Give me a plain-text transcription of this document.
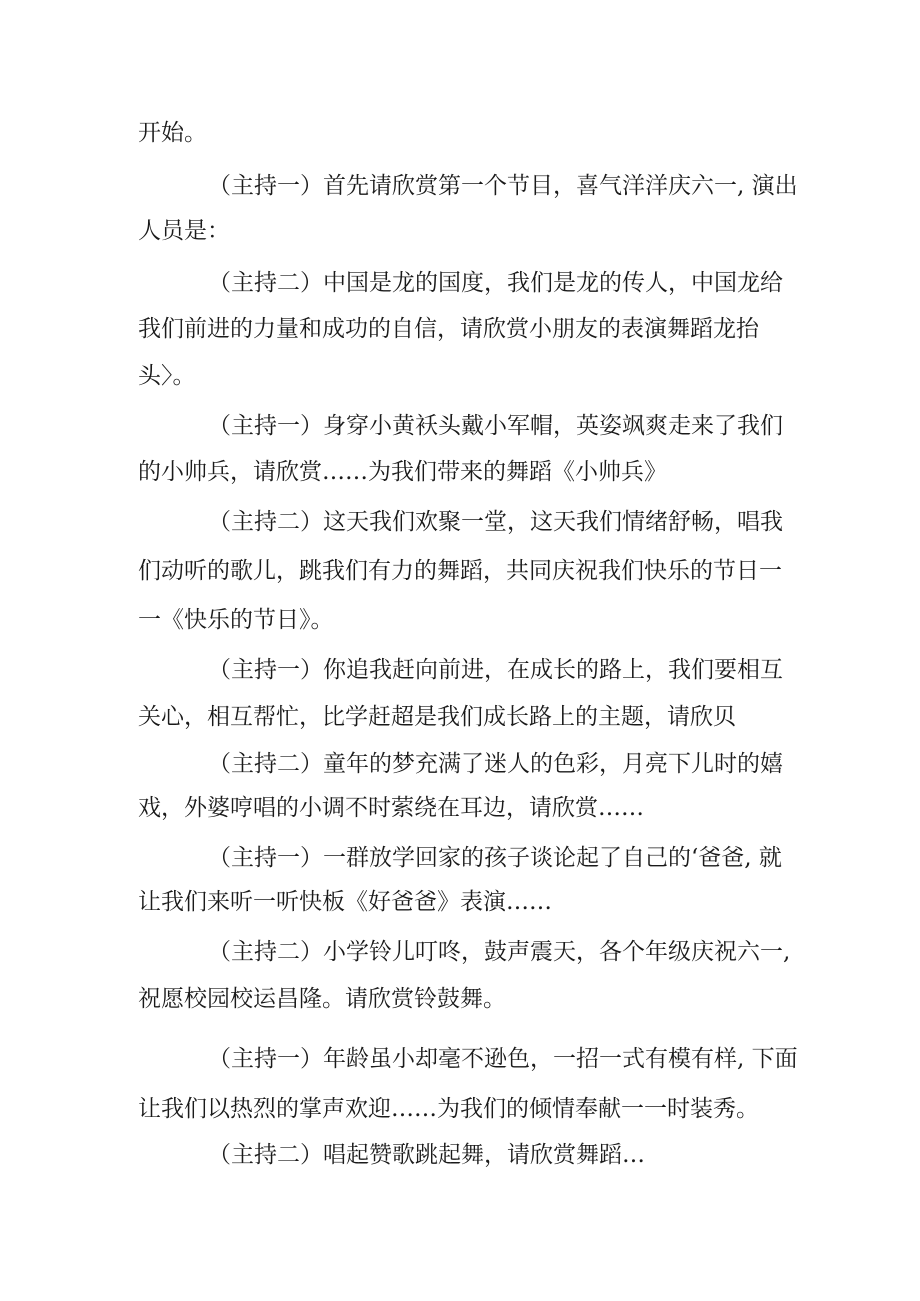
开始。
（主持一）首先请欣赏第一个节目，喜气洋洋庆六一, 演出
人员是：
（主持二）中国是龙的国度，我们是龙的传人，中国龙给
我们前进的力量和成功的自信，请欣赏小朋友的表演舞蹈龙抬
头〉。
（主持一）身穿小黄袄头戴小军帽，英姿飒爽走来了我们
的小帅兵，请欣赏……为我们带来的舞蹈《小帅兵》
（主持二）这天我们欢聚一堂，这天我们情绪舒畅，唱我
们动听的歌儿，跳我们有力的舞蹈，共同庆祝我们快乐的节日一
一《快乐的节日》。
（主持一）你追我赶向前进，在成长的路上，我们要相互
关心，相互帮忙，比学赶超是我们成长路上的主题，请欣贝
（主持二）童年的梦充满了迷人的色彩，月亮下儿时的嬉
戏，外婆哼唱的小调不时萦绕在耳边，请欣赏……
（主持一）一群放学回家的孩子谈论起了自己的‘爸爸, 就
让我们来听一听快板《好爸爸》表演……
（主持二）小学铃儿叮咚，鼓声震天，各个年级庆祝六一,
祝愿校园校运昌隆。请欣赏铃鼓舞。
（主持一）年龄虽小却毫不逊色，一招一式有模有样, 下面
让我们以热烈的掌声欢迎……为我们的倾情奉献一一时装秀。
（主持二）唱起赞歌跳起舞，请欣赏舞蹈…
